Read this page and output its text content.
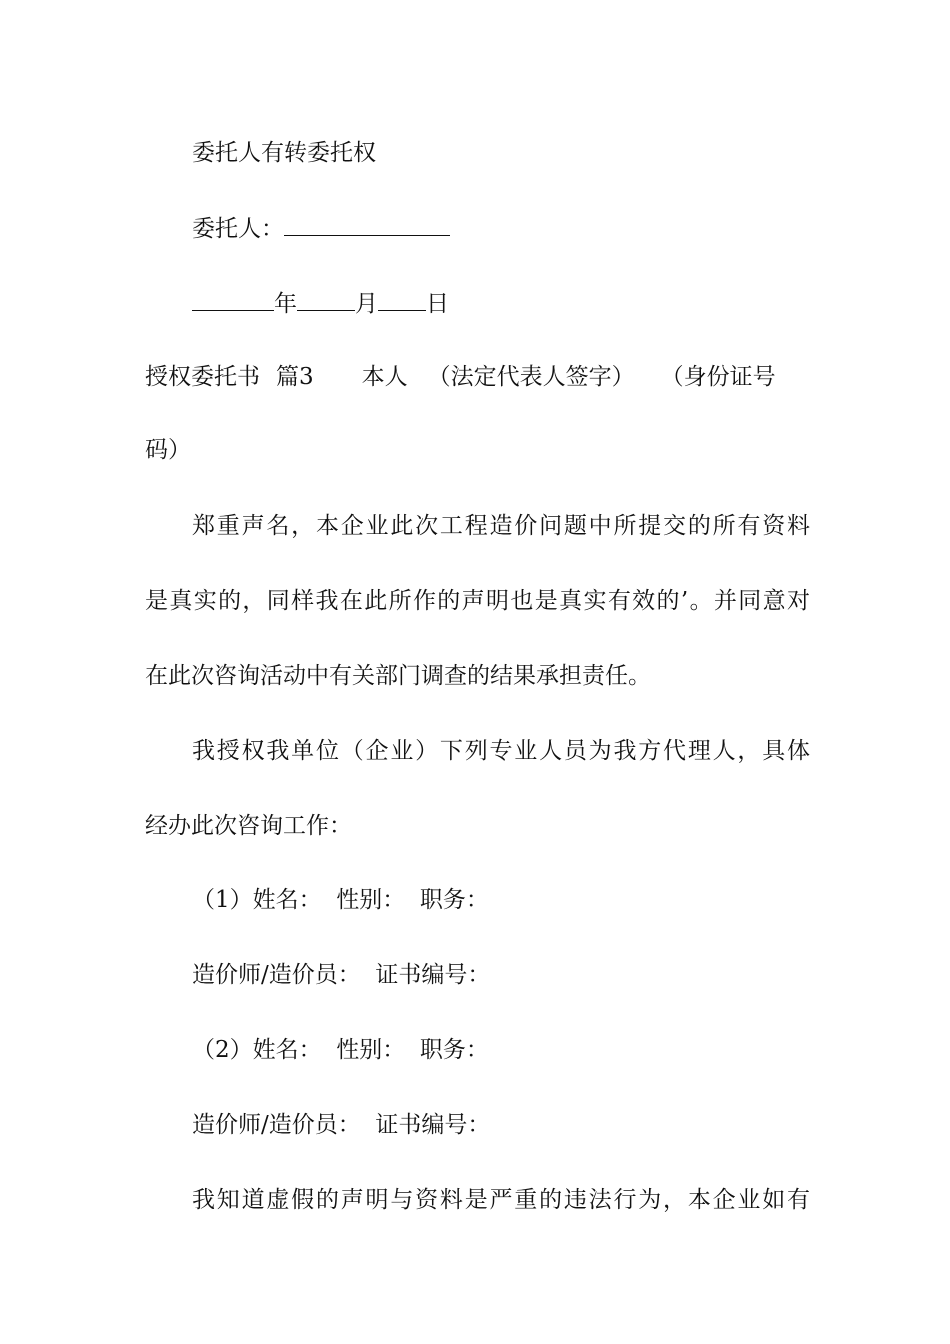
委托人有转委托权
委托人：
年	月 日
授权委托书 篇3 本人 （法定代表人签字） （身份证号
码）
郑重声名，本企业此次工程造价问题中所提交的所有资料
是真实的，同样我在此所作的声明也是真实有效的’。并同意对
在此次咨询活动中有关部门调查的结果承担责任。
我授权我单位（企业）下列专业人员为我方代理人，具体
经办此次咨询工作：
（1）姓名：  性别：  职务：
造价师/造价员：  证书编号：
（2）姓名：  性别：  职务：
造价师/造价员：  证书编号：
我知道虚假的声明与资料是严重的违法行为，本企业如有
